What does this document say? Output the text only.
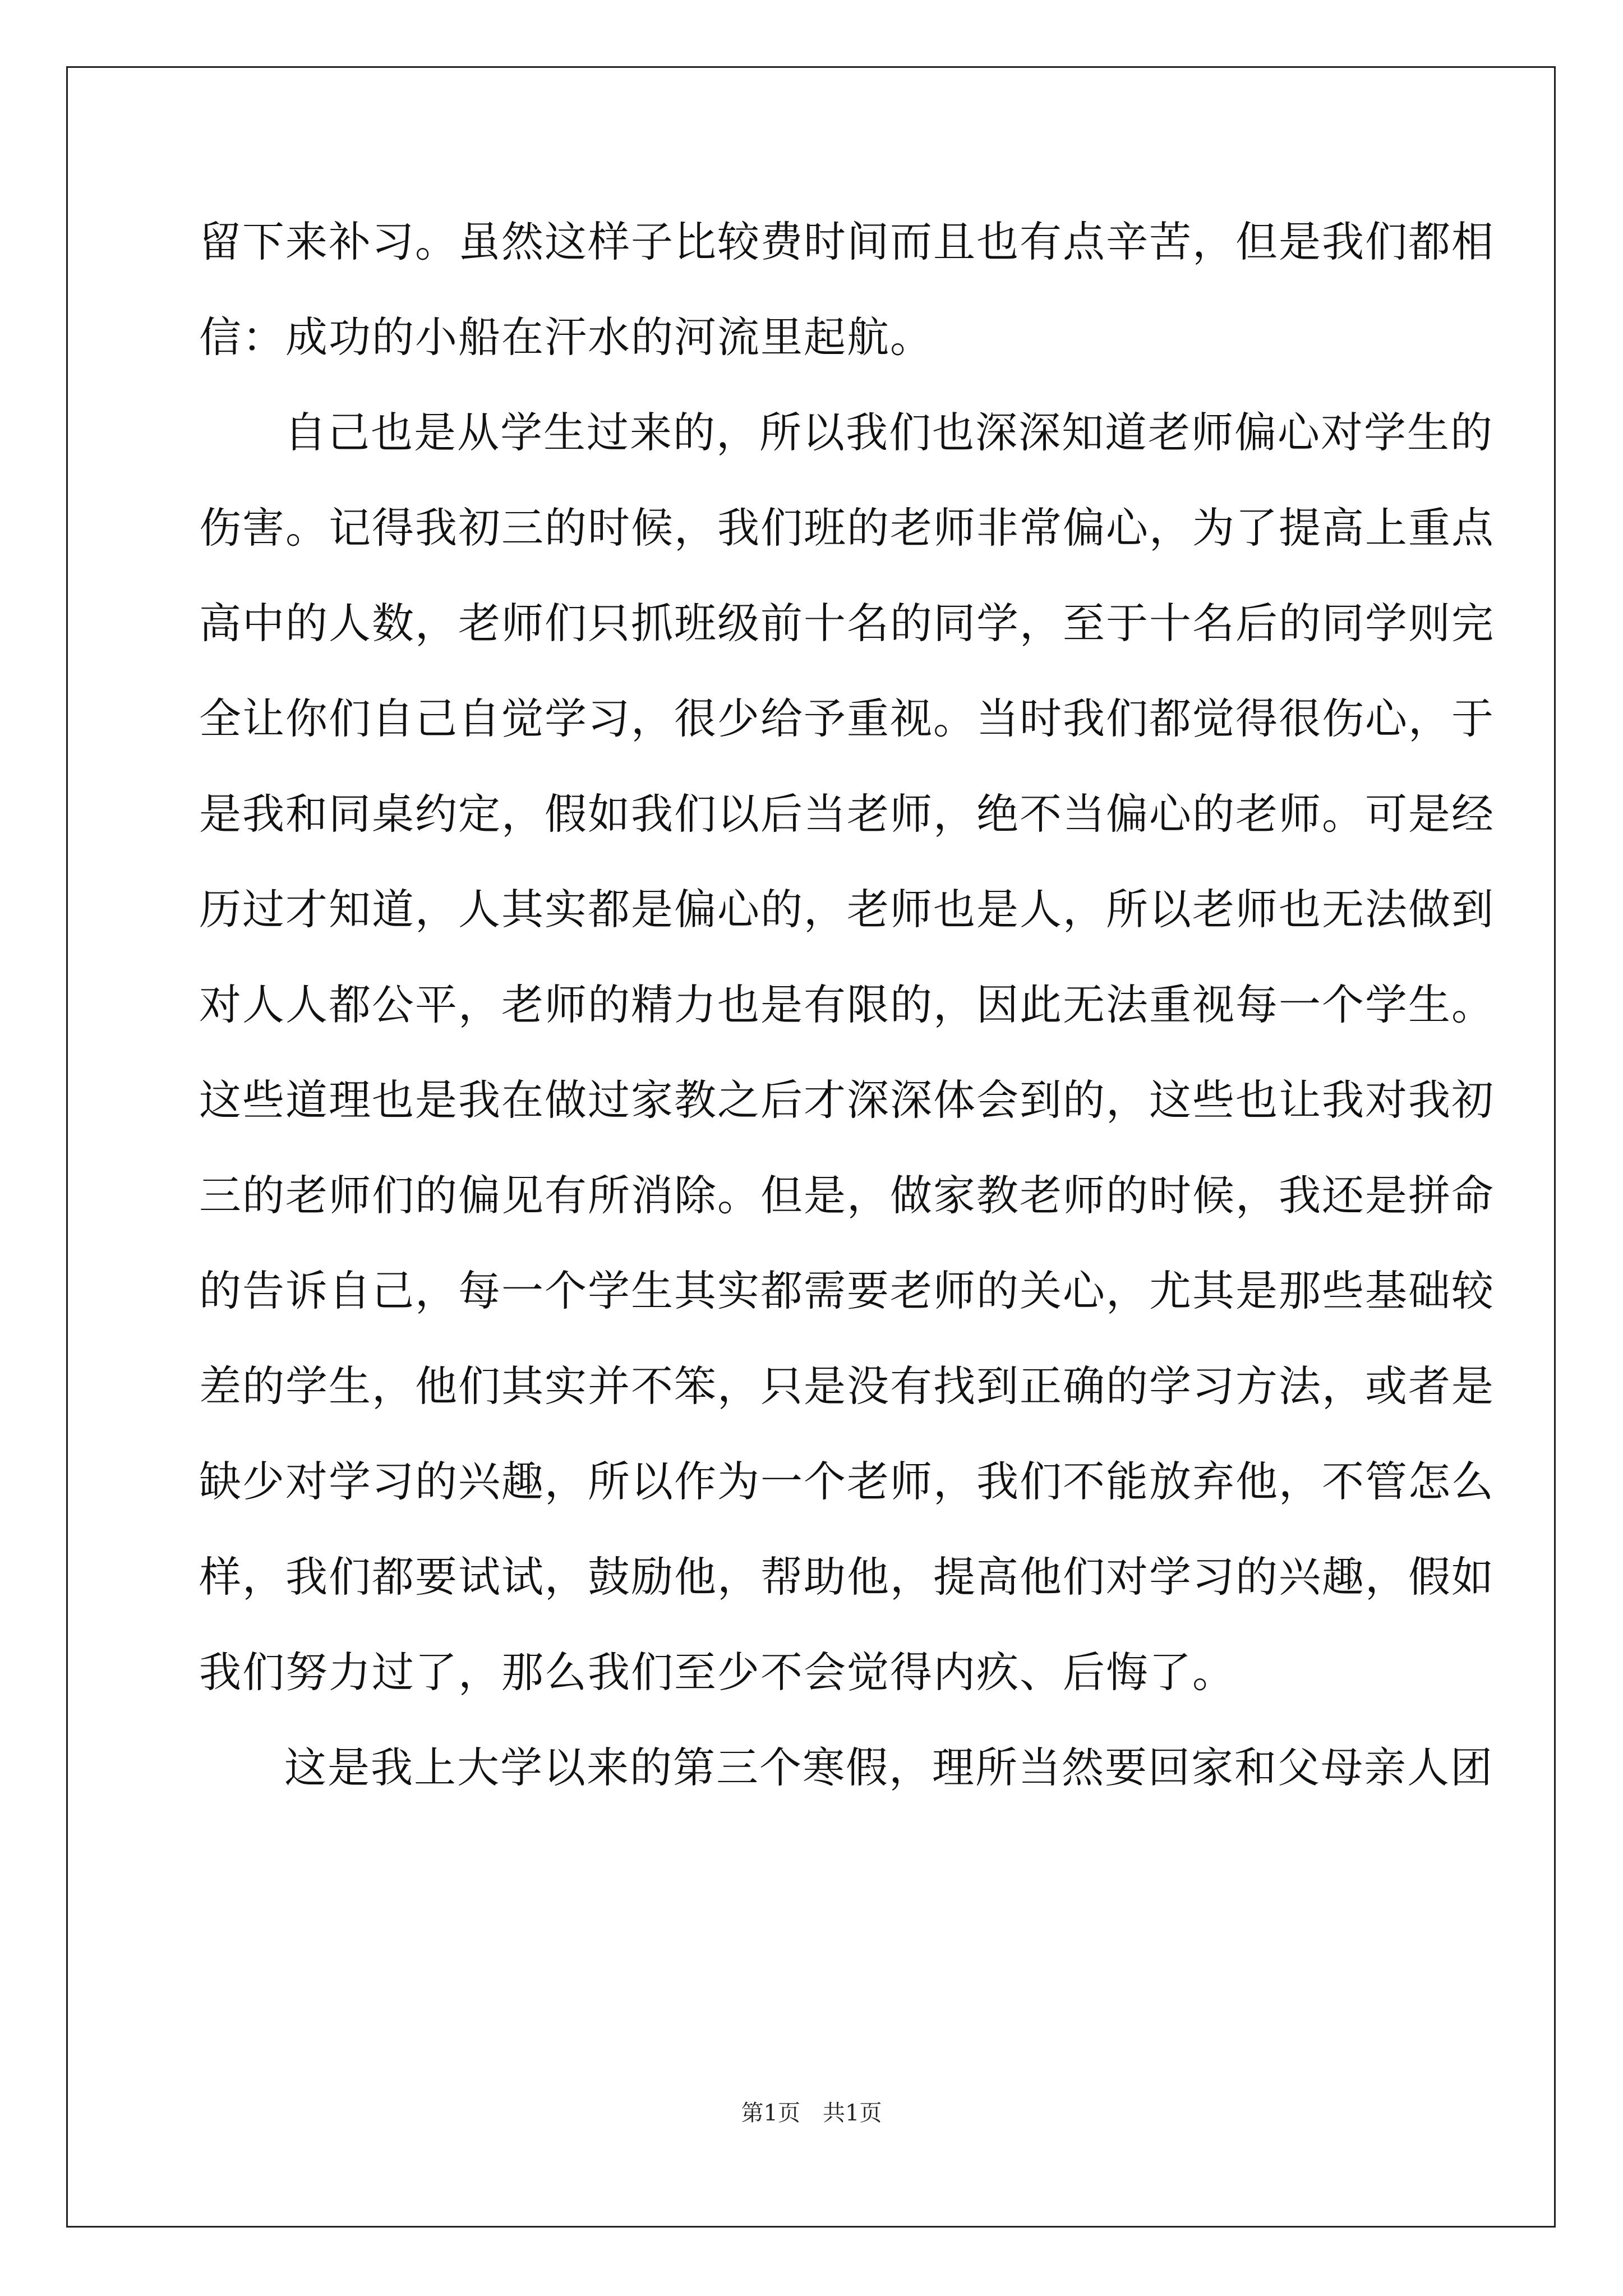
留下来补习。虽然这样子比较费时间而且也有点辛苦，但是我们都相
信：成功的小船在汗水的河流里起航。
自己也是从学生过来的，所以我们也深深知道老师偏心对学生的
伤害。记得我初三的时候，我们班的老师非常偏心，为了提高上重点
高中的人数，老师们只抓班级前十名的同学，至于十名后的同学则完
全让你们自己自觉学习，很少给予重视。当时我们都觉得很伤心，于
是我和同桌约定，假如我们以后当老师，绝不当偏心的老师。可是经
历过才知道，人其实都是偏心的，老师也是人，所以老师也无法做到
对人人都公平，老师的精力也是有限的，因此无法重视每一个学生。
这些道理也是我在做过家教之后才深深体会到的，这些也让我对我初
三的老师们的偏见有所消除。但是，做家教老师的时候，我还是拼命
的告诉自己，每一个学生其实都需要老师的关心，尤其是那些基础较
差的学生，他们其实并不笨，只是没有找到正确的学习方法，或者是
缺少对学习的兴趣，所以作为一个老师，我们不能放弃他，不管怎么
样，我们都要试试，鼓励他，帮助他，提高他们对学习的兴趣，假如
我们努力过了，那么我们至少不会觉得内疚、后悔了。
这是我上大学以来的第三个寒假，理所当然要回家和父母亲人团
第1页　共1页
